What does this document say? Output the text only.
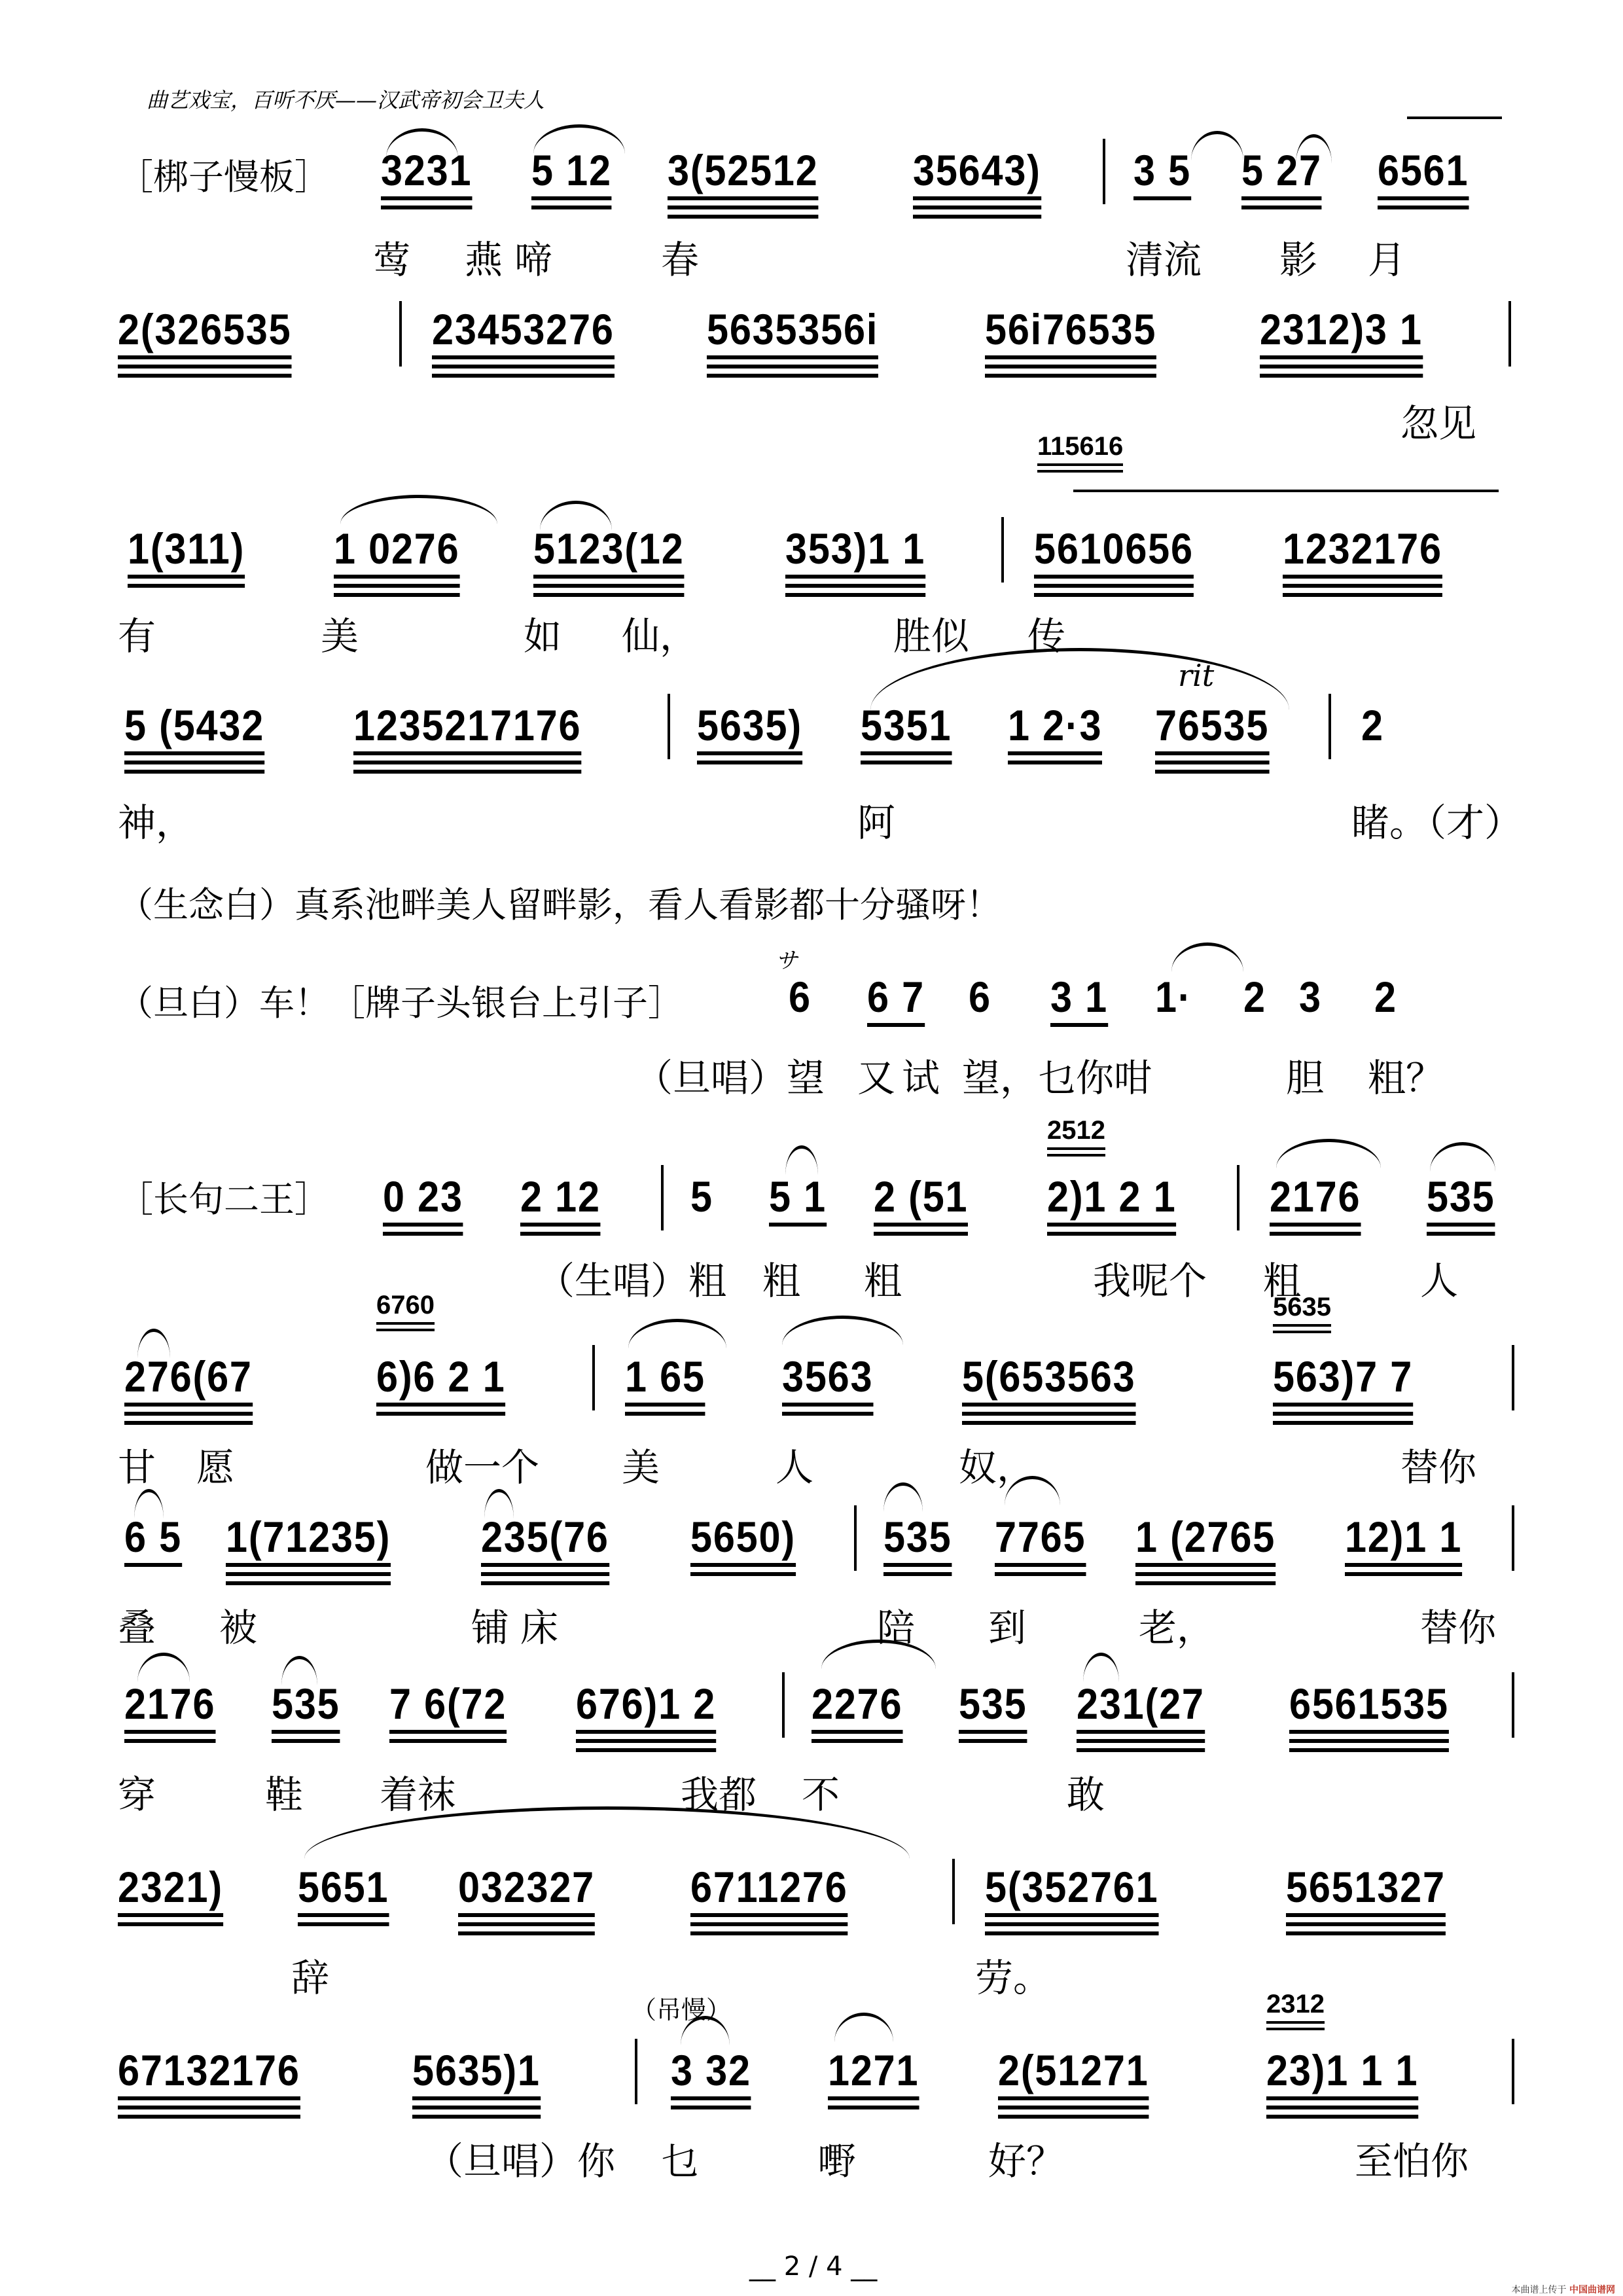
曲艺戏宝，百听不厌——汉武帝初会卫夫人
［梆子慢板］ 3231 5 12 3(52512 35643) 3 5 5 27 6561
莺 燕啼	春	清流 影 月
2(326535	23453276 5635356i 56i76535 2312)3 1
忽见
115616
1(311) 1 0276 5123(12 353)1 1	5610656 1232176
有	美	如 仙，	胜似 传
rit
5 (5432 1235217176	5635) 5351 1 2·3 76535 2
神，	阿	睹。（才）
（生念白）真系池畔美人留畔影，看人看影都十分骚呀！
（旦白）车！［牌子头银台上引子］
サ
6 6 7 6 3 1 1· 2 3 2
（旦唱）望 又试 望，乜你咁	胆 粗？
［长句二王］
2512
0 23 2 12 5 5 1 2 (51 2)1 2 1 2176 535
（生唱）粗 粗 粗	我呢个 粗	人
6760	5635
276(67	6)6 2 1	1 65 3563 5(653563	563)7 7
甘 愿	做一个 美	人	奴，	替你
6 5 1(71235) 235(76 5650) 535 7765 1 (2765 12)1 1
叠 被	铺 床	陪 到	老，	替你
2176 535 7 6(72 676)1 2 2276 535 231(27 6561535
穿	鞋 着袜	我都 不	敢
2321) 5651 032327 6711276	5(352761	5651327
辞	劳。
（吊慢）	2312
67132176	5635)1	3 32 1271 2(51271	23)1 1 1
（旦唱）你 乜	嘢	好？	至怕你
__ 2 / 4 __
本曲谱上传于 中国曲谱网
